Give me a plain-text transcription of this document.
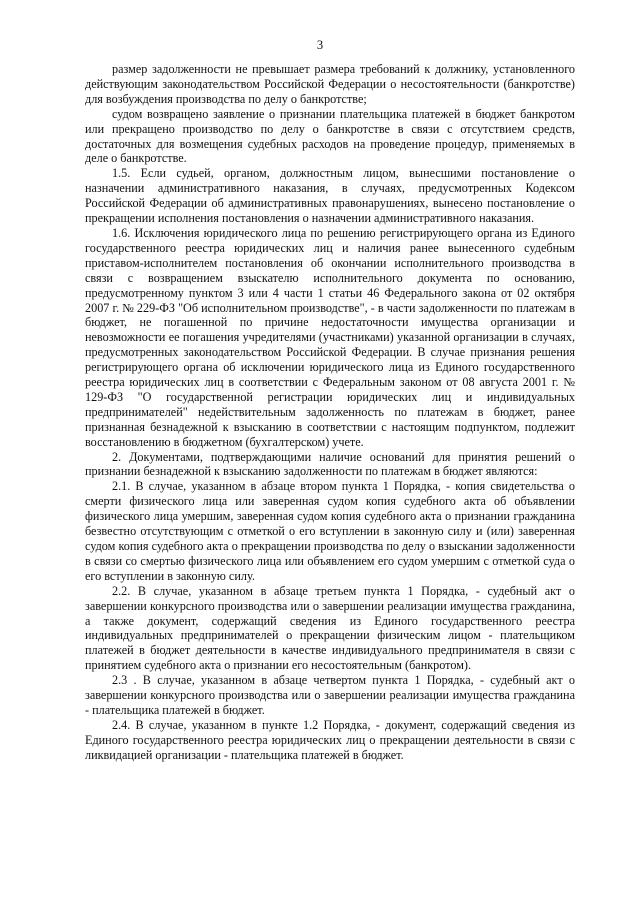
3

размер задолженности не превышает размера требований к должнику, установленного действующим законодательством Российской Федерации о несостоятельности (банкротстве) для возбуждения производства по делу о банкротстве;

судом возвращено заявление о признании плательщика платежей в бюджет банкротом или прекращено производство по делу о банкротстве в связи с отсутствием средств, достаточных для возмещения судебных расходов на проведение процедур, применяемых в деле о банкротстве.

1.5. Если судьей, органом, должностным лицом, вынесшими постановление о назначении административного наказания, в случаях, предусмотренных Кодексом Российской Федерации об административных правонарушениях, вынесено постановление о прекращении исполнения постановления о назначении административного наказания.

1.6. Исключения юридического лица по решению регистрирующего органа из Единого государственного реестра юридических лиц и наличия ранее вынесенного судебным приставом-исполнителем постановления об окончании исполнительного производства в связи с возвращением взыскателю исполнительного документа по основанию, предусмотренному пунктом 3 или 4 части 1 статьи 46 Федерального закона от 02 октября 2007 г. № 229-ФЗ "Об исполнительном производстве", - в части задолженности по платежам в бюджет, не погашенной по причине недостаточности имущества организации и невозможности ее погашения учредителями (участниками) указанной организации в случаях, предусмотренных законодательством Российской Федерации. В случае признания решения регистрирующего органа об исключении юридического лица из Единого государственного реестра юридических лиц в соответствии с Федеральным законом от 08 августа 2001 г. № 129-ФЗ "О государственной регистрации юридических лиц и индивидуальных предпринимателей" недействительным задолженность по платежам в бюджет, ранее признанная безнадежной к взысканию в соответствии с настоящим подпунктом, подлежит восстановлению в бюджетном (бухгалтерском) учете.

2. Документами, подтверждающими наличие оснований для принятия решений о признании безнадежной к взысканию задолженности по платежам в бюджет являются:

2.1. В случае, указанном в абзаце втором пункта 1 Порядка, - копия свидетельства о смерти физического лица или заверенная судом копия судебного акта об объявлении физического лица умершим, заверенная судом копия судебного акта о признании гражданина безвестно отсутствующим с отметкой о его вступлении в законную силу и (или) заверенная судом копия судебного акта о прекращении производства по делу о взыскании задолженности в связи со смертью физического лица или объявлением его судом умершим с отметкой суда о его вступлении в законную силу.

2.2. В случае, указанном в абзаце третьем пункта 1 Порядка, - судебный акт о завершении конкурсного производства или о завершении реализации имущества гражданина, а также документ, содержащий сведения из Единого государственного реестра индивидуальных предпринимателей о прекращении физическим лицом - плательщиком платежей в бюджет деятельности в качестве индивидуального предпринимателя в связи с принятием судебного акта о признании его несостоятельным (банкротом).

2.3 . В случае, указанном в абзаце четвертом пункта 1 Порядка, - судебный акт о завершении конкурсного производства или о завершении реализации имущества гражданина - плательщика платежей в бюджет.

2.4. В случае, указанном в пункте 1.2 Порядка, - документ, содержащий сведения из Единого государственного реестра юридических лиц о прекращении деятельности в связи с ликвидацией организации - плательщика платежей в бюджет.
